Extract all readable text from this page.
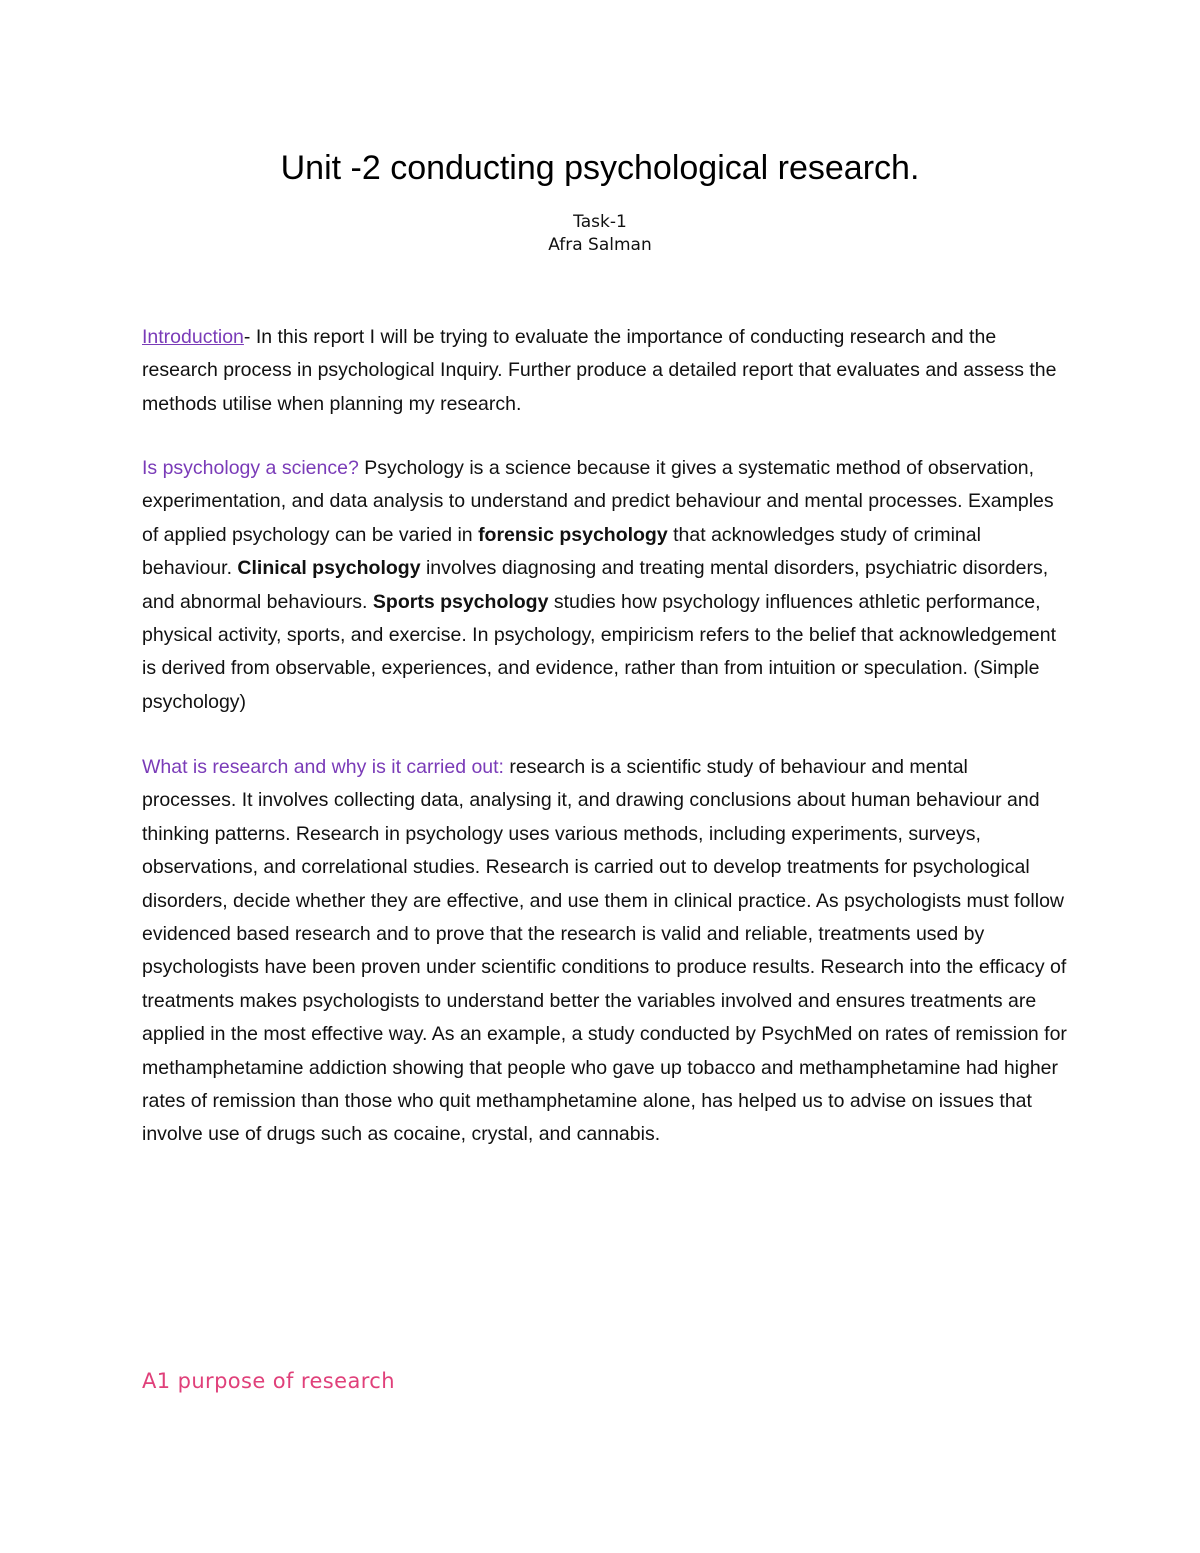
Unit -2 conducting psychological research.
Task-1
Afra Salman

Introduction- In this report I will be trying to evaluate the importance of conducting research and the research process in psychological Inquiry. Further produce a detailed report that evaluates and assess the methods utilise when planning my research.

Is psychology a science? Psychology is a science because it gives a systematic method of observation, experimentation, and data analysis to understand and predict behaviour and mental processes. Examples of applied psychology can be varied in forensic psychology that acknowledges study of criminal behaviour. Clinical psychology involves diagnosing and treating mental disorders, psychiatric disorders, and abnormal behaviours. Sports psychology studies how psychology influences athletic performance, physical activity, sports, and exercise. In psychology, empiricism refers to the belief that acknowledgement is derived from observable, experiences, and evidence, rather than from intuition or speculation. (Simple psychology)

What is research and why is it carried out: research is a scientific study of behaviour and mental processes. It involves collecting data, analysing it, and drawing conclusions about human behaviour and thinking patterns. Research in psychology uses various methods, including experiments, surveys, observations, and correlational studies. Research is carried out to develop treatments for psychological disorders, decide whether they are effective, and use them in clinical practice. As psychologists must follow evidenced based research and to prove that the research is valid and reliable, treatments used by psychologists have been proven under scientific conditions to produce results. Research into the efficacy of treatments makes psychologists to understand better the variables involved and ensures treatments are applied in the most effective way. As an example, a study conducted by PsychMed on rates of remission for methamphetamine addiction showing that people who gave up tobacco and methamphetamine had higher rates of remission than those who quit methamphetamine alone, has helped us to advise on issues that involve use of drugs such as cocaine, crystal, and cannabis.

A1 purpose of research
